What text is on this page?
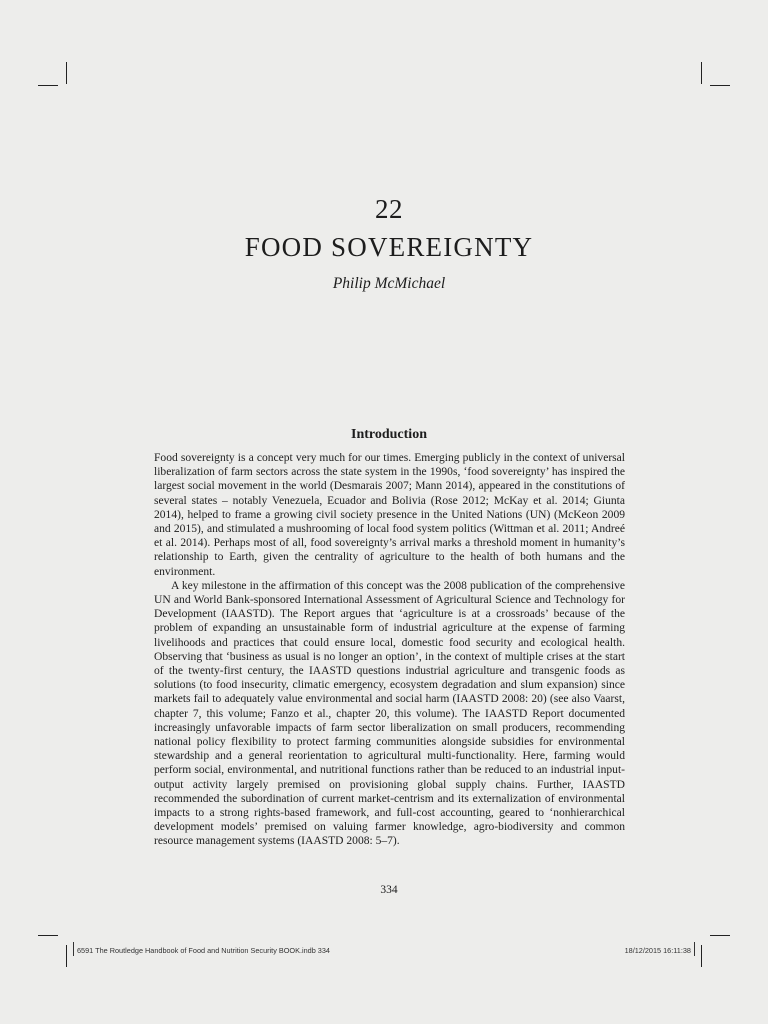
22
FOOD SOVEREIGNTY
Philip McMichael
Introduction

Food sovereignty is a concept very much for our times. Emerging publicly in the context of universal liberalization of farm sectors across the state system in the 1990s, ‘food sovereignty’ has inspired the largest social movement in the world (Desmarais 2007; Mann 2014), appeared in the constitutions of several states – notably Venezuela, Ecuador and Bolivia (Rose 2012; McKay et al. 2014; Giunta 2014), helped to frame a growing civil society presence in the United Nations (UN) (McKeon 2009 and 2015), and stimulated a mushrooming of local food system politics (Wittman et al. 2011; Andreé et al. 2014). Perhaps most of all, food sovereignty’s arrival marks a threshold moment in humanity’s relationship to Earth, given the centrality of agriculture to the health of both humans and the environment.

A key milestone in the affirmation of this concept was the 2008 publication of the comprehensive UN and World Bank-sponsored International Assessment of Agricultural Science and Technology for Development (IAASTD). The Report argues that ‘agriculture is at a crossroads’ because of the problem of expanding an unsustainable form of industrial agriculture at the expense of farming livelihoods and practices that could ensure local, domestic food security and ecological health. Observing that ‘business as usual is no longer an option’, in the context of multiple crises at the start of the twenty-first century, the IAASTD questions industrial agriculture and transgenic foods as solutions (to food insecurity, climatic emergency, ecosystem degradation and slum expansion) since markets fail to adequately value environmental and social harm (IAASTD 2008: 20) (see also Vaarst, chapter 7, this volume; Fanzo et al., chapter 20, this volume). The IAASTD Report documented increasingly unfavorable impacts of farm sector liberalization on small producers, recommending national policy flexibility to protect farming communities alongside subsidies for environmental stewardship and a general reorientation to agricultural multi-functionality. Here, farming would perform social, environmental, and nutritional functions rather than be reduced to an industrial input-output activity largely premised on provisioning global supply chains. Further, IAASTD recommended the subordination of current market-centrism and its externalization of environmental impacts to a strong rights-based framework, and full-cost accounting, geared to ‘nonhierarchical development models’ premised on valuing farmer knowledge, agro-biodiversity and common resource management systems (IAASTD 2008: 5–7).

334
6591 The Routledge Handbook of Food and Nutrition Security BOOK.indb 334	18/12/2015 16:11:38
